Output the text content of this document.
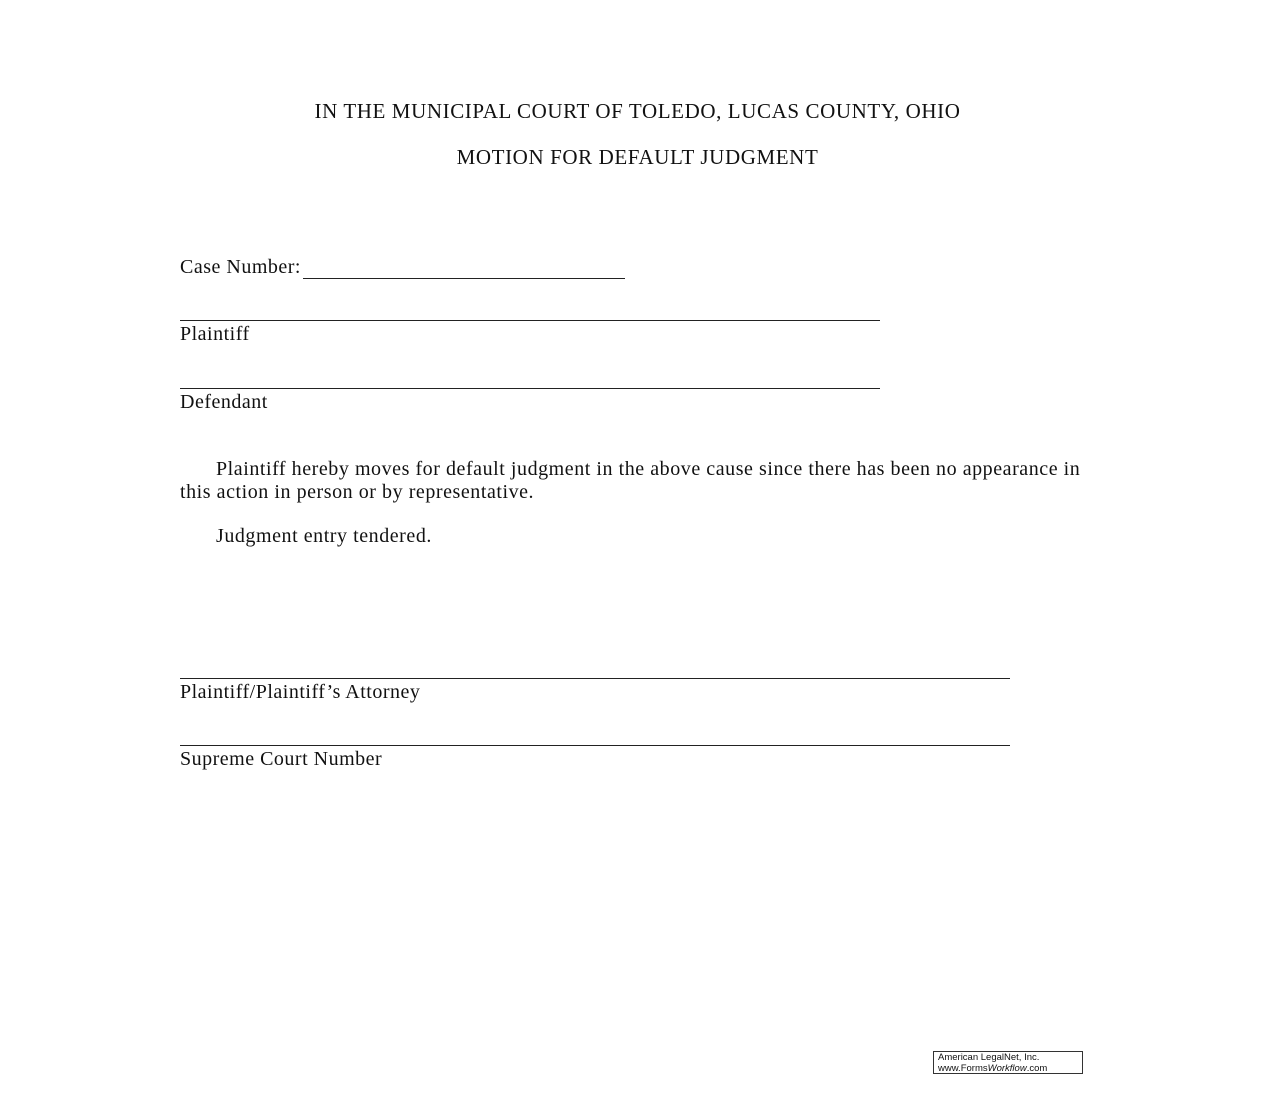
IN THE MUNICIPAL COURT OF TOLEDO, LUCAS COUNTY, OHIO
MOTION FOR DEFAULT JUDGMENT
Case Number:
Plaintiff
Defendant
Plaintiff hereby moves for default judgment in the above cause since there has been no appearance in this action in person or by representative.
Judgment entry tendered.
Plaintiff/Plaintiff’s Attorney
Supreme Court Number
American LegalNet, Inc.
www.FormsWorkflow.com
